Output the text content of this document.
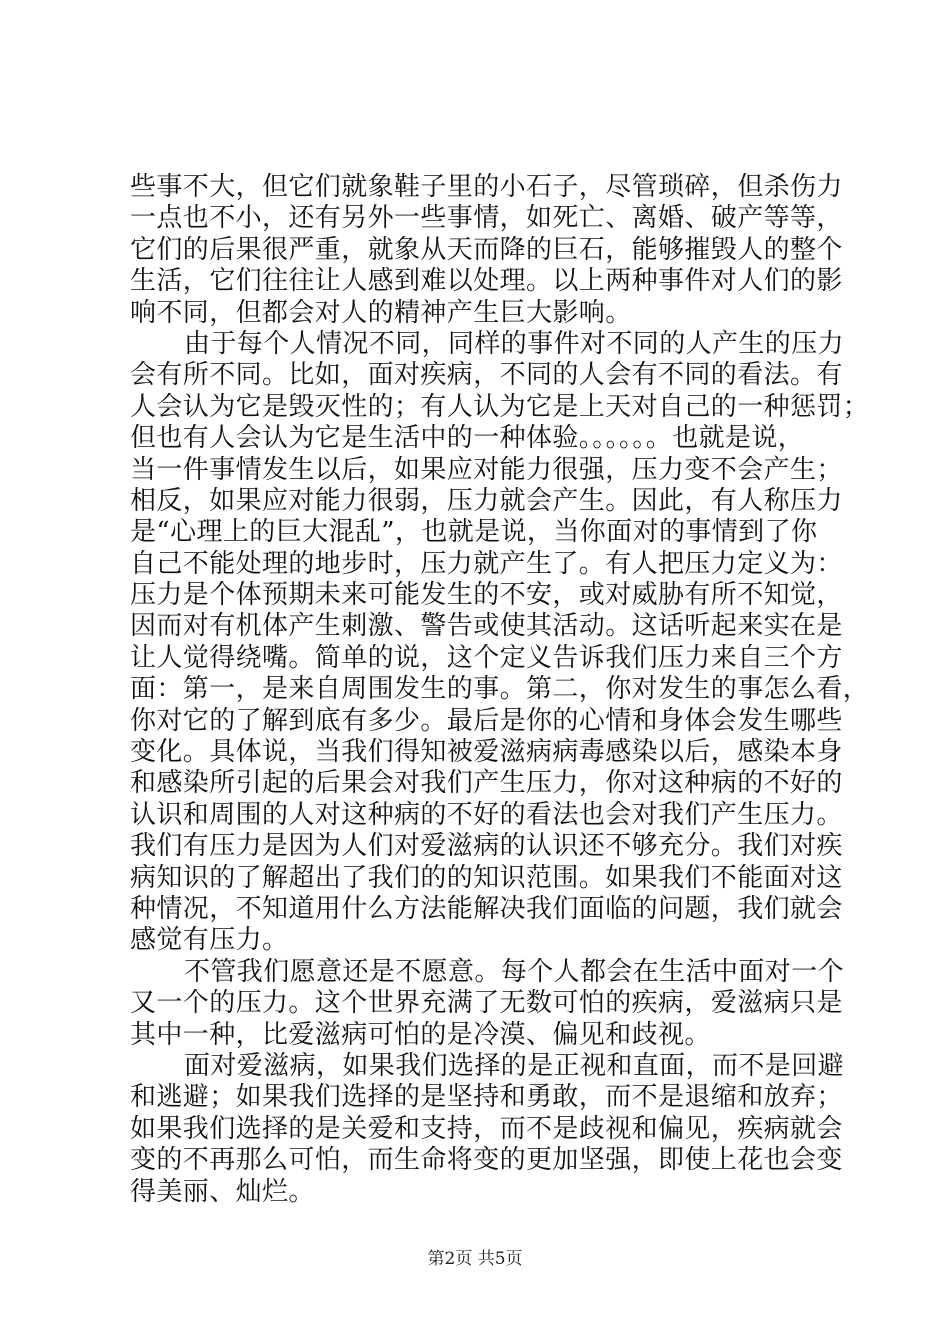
些事不大，但它们就象鞋子里的小石子，尽管琐碎，但杀伤力
一点也不小，还有另外一些事情，如死亡、离婚、破产等等，
它们的后果很严重，就象从天而降的巨石，能够摧毁人的整个
生活，它们往往让人感到难以处理。以上两种事件对人们的影
响不同，但都会对人的精神产生巨大影响。
由于每个人情况不同，同样的事件对不同的人产生的压力
会有所不同。比如，面对疾病，不同的人会有不同的看法。有
人会认为它是毁灭性的；有人认为它是上天对自己的一种惩罚；
但也有人会认为它是生活中的一种体验。。。。。。也就是说，
当一件事情发生以后，如果应对能力很强，压力变不会产生；
相反，如果应对能力很弱，压力就会产生。因此，有人称压力
是“心理上的巨大混乱”，也就是说，当你面对的事情到了你
自己不能处理的地步时，压力就产生了。有人把压力定义为：
压力是个体预期未来可能发生的不安，或对威胁有所不知觉，
因而对有机体产生刺激、警告或使其活动。这话听起来实在是
让人觉得绕嘴。简单的说，这个定义告诉我们压力来自三个方
面：第一，是来自周围发生的事。第二，你对发生的事怎么看，
你对它的了解到底有多少。最后是你的心情和身体会发生哪些
变化。具体说，当我们得知被爱滋病病毒感染以后，感染本身
和感染所引起的后果会对我们产生压力，你对这种病的不好的
认识和周围的人对这种病的不好的看法也会对我们产生压力。
我们有压力是因为人们对爱滋病的认识还不够充分。我们对疾
病知识的了解超出了我们的的知识范围。如果我们不能面对这
种情况，不知道用什么方法能解决我们面临的问题，我们就会
感觉有压力。
不管我们愿意还是不愿意。每个人都会在生活中面对一个
又一个的压力。这个世界充满了无数可怕的疾病，爱滋病只是
其中一种，比爱滋病可怕的是冷漠、偏见和歧视。
面对爱滋病，如果我们选择的是正视和直面，而不是回避
和逃避；如果我们选择的是坚持和勇敢，而不是退缩和放弃；
如果我们选择的是关爱和支持，而不是歧视和偏见，疾病就会
变的不再那么可怕，而生命将变的更加坚强，即使上花也会变
得美丽、灿烂。
第2页 共5页
